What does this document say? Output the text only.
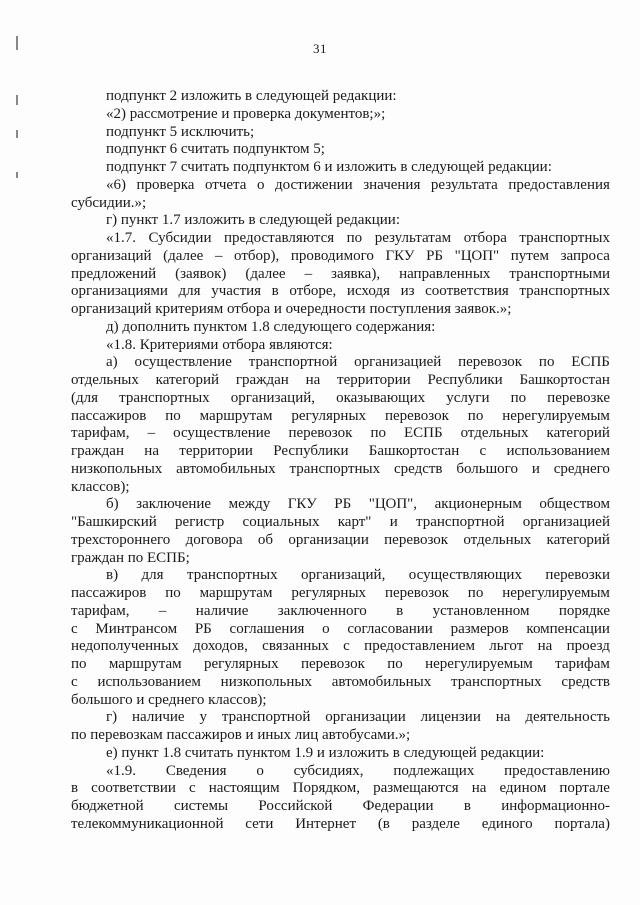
31
подпункт 2 изложить в следующей редакции:
«2) рассмотрение и проверка документов;»;
подпункт 5 исключить;
подпункт 6 считать подпунктом 5;
подпункт 7 считать подпунктом 6 и изложить в следующей редакции:
«6) проверка отчета о достижении значения результата предоставления
субсидии.»;
г) пункт 1.7 изложить в следующей редакции:
«1.7. Субсидии предоставляются по результатам отбора транспортных
организаций (далее – отбор), проводимого ГКУ РБ "ЦОП" путем запроса
предложений (заявок) (далее – заявка), направленных транспортными
организациями для участия в отборе, исходя из соответствия транспортных
организаций критериям отбора и очередности поступления заявок.»;
д) дополнить пунктом 1.8 следующего содержания:
«1.8. Критериями отбора являются:
а) осуществление транспортной организацией перевозок по ЕСПБ
отдельных категорий граждан на территории Республики Башкортостан
(для транспортных организаций, оказывающих услуги по перевозке
пассажиров по маршрутам регулярных перевозок по нерегулируемым
тарифам, – осуществление перевозок по ЕСПБ отдельных категорий
граждан на территории Республики Башкортостан с использованием
низкопольных автомобильных транспортных средств большого и среднего
классов);
б) заключение между ГКУ РБ "ЦОП", акционерным обществом
"Башкирский регистр социальных карт" и транспортной организацией
трехстороннего договора об организации перевозок отдельных категорий
граждан по ЕСПБ;
в) для транспортных организаций, осуществляющих перевозки
пассажиров по маршрутам регулярных перевозок по нерегулируемым
тарифам, – наличие заключенного в установленном порядке
с Минтрансом РБ соглашения о согласовании размеров компенсации
недополученных доходов, связанных с предоставлением льгот на проезд
по маршрутам регулярных перевозок по нерегулируемым тарифам
с использованием низкопольных автомобильных транспортных средств
большого и среднего классов);
г) наличие у транспортной организации лицензии на деятельность
по перевозкам пассажиров и иных лиц автобусами.»;
е) пункт 1.8 считать пунктом 1.9 и изложить в следующей редакции:
«1.9. Сведения о субсидиях, подлежащих предоставлению
в соответствии с настоящим Порядком, размещаются на едином портале
бюджетной системы Российской Федерации в информационно-
телекоммуникационной сети Интернет (в разделе единого портала)
